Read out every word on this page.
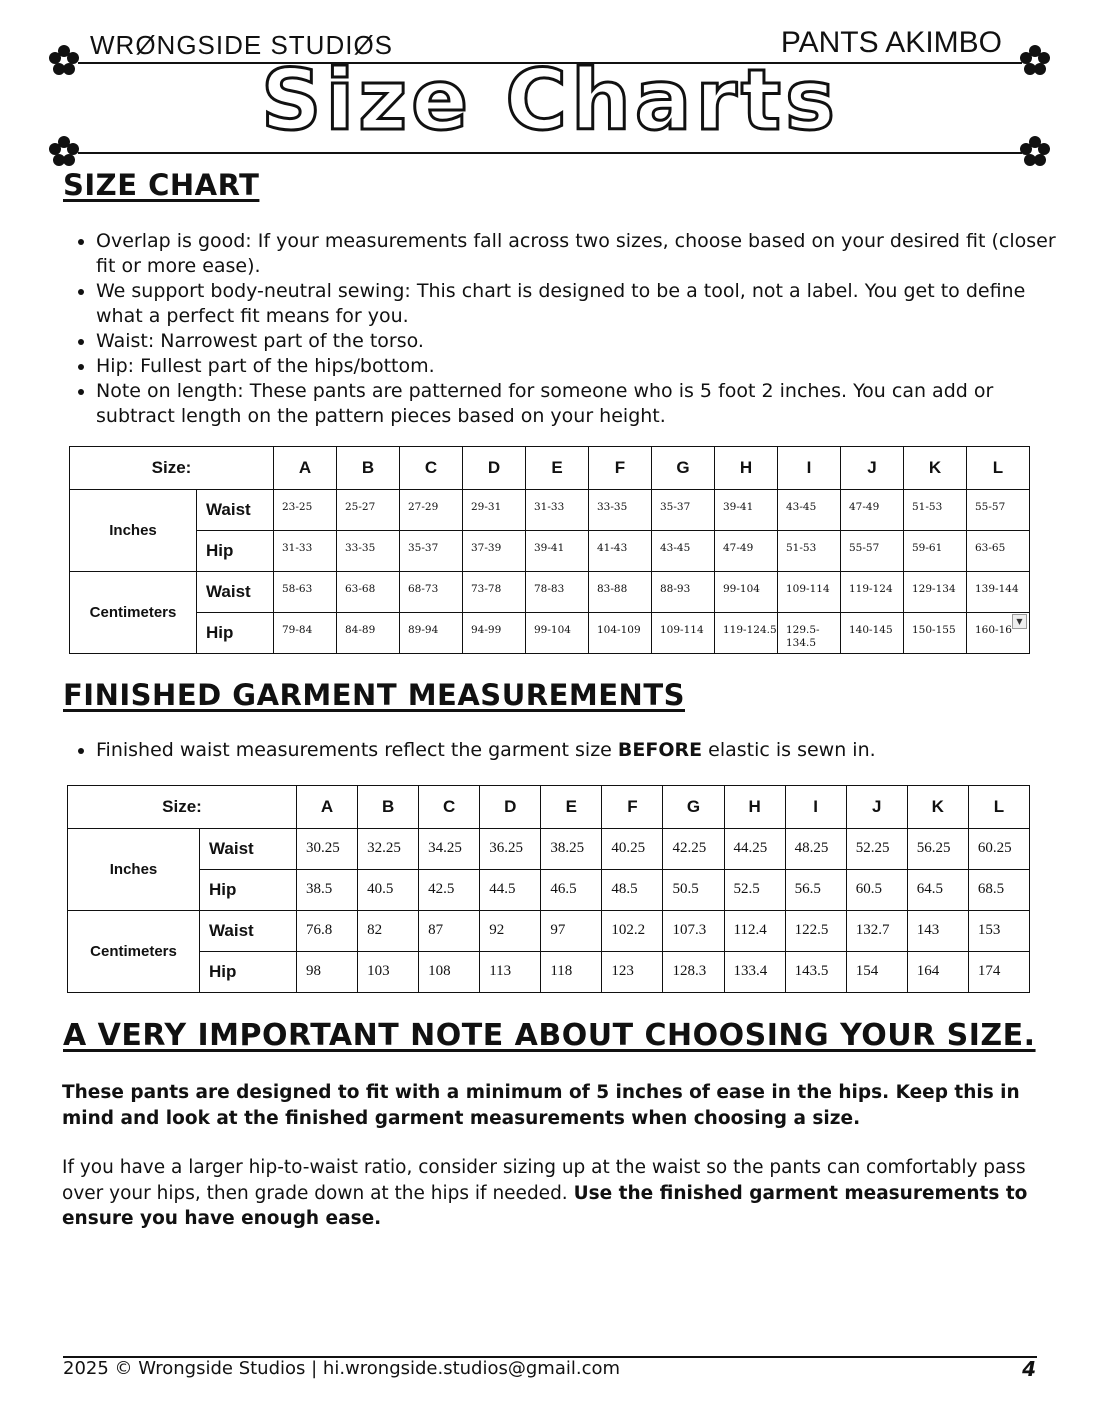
WRØNGSIDE STUDIØS	PANTS AKIMBO
Size Charts
SIZE CHART
• Overlap is good: If your measurements fall across two sizes, choose based on your desired fit (closer fit or more ease).
• We support body-neutral sewing: This chart is designed to be a tool, not a label. You get to define what a perfect fit means for you.
• Waist: Narrowest part of the torso.
• Hip: Fullest part of the hips/bottom.
• Note on length: These pants are patterned for someone who is 5 foot 2 inches. You can add or subtract length on the pattern pieces based on your height.
Size:		A	B	C	D	E	F	G	H	I	J	K	L
Inches	Waist	23-25	25-27	27-29	29-31	31-33	33-35	35-37	39-41	43-45	47-49	51-53	55-57
	Hip	31-33	33-35	35-37	37-39	39-41	41-43	43-45	47-49	51-53	55-57	59-61	63-65
Centimeters	Waist	58-63	63-68	68-73	73-78	78-83	83-88	88-93	99-104	109-114	119-124	129-134	139-144
	Hip	79-84	84-89	89-94	94-99	99-104	104-109	109-114	119-124.5	129.5-134.5	140-145	150-155	160-16
▼
FINISHED GARMENT MEASUREMENTS
• Finished waist measurements reflect the garment size BEFORE elastic is sewn in.
Size:		A	B	C	D	E	F	G	H	I	J	K	L
Inches	Waist	30.25	32.25	34.25	36.25	38.25	40.25	42.25	44.25	48.25	52.25	56.25	60.25
	Hip	38.5	40.5	42.5	44.5	46.5	48.5	50.5	52.5	56.5	60.5	64.5	68.5
Centimeters	Waist	76.8	82	87	92	97	102.2	107.3	112.4	122.5	132.7	143	153
	Hip	98	103	108	113	118	123	128.3	133.4	143.5	154	164	174
A VERY IMPORTANT NOTE ABOUT CHOOSING YOUR SIZE.

These pants are designed to fit with a minimum of 5 inches of ease in the hips. Keep this in mind and look at the finished garment measurements when choosing a size.

If you have a larger hip-to-waist ratio, consider sizing up at the waist so the pants can comfortably pass over your hips, then grade down at the hips if needed. Use the finished garment measurements to ensure you have enough ease.

2025 © Wrongside Studios | hi.wrongside.studios@gmail.com	4
